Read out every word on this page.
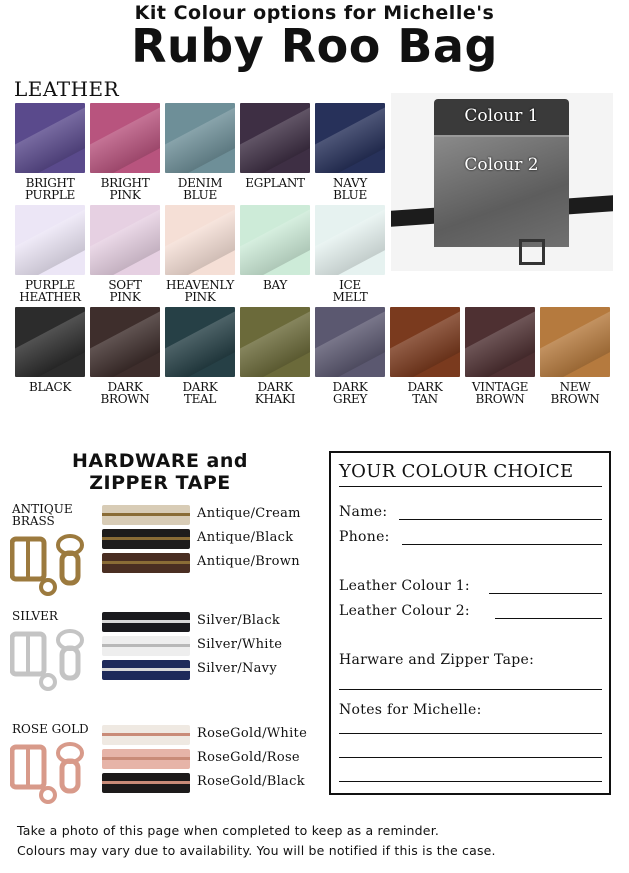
Kit Colour options for Michelle's
Ruby Roo Bag
LEATHER
BRIGHT
PURPLE
BRIGHT
PINK
DENIM
BLUE
EGPLANT	NAVY
BLUE
PURPLE
HEATHER
SOFT
PINK
HEAVENLY
PINK
BAY	ICE
MELT
BLACK	DARK
BROWN
DARK
TEAL
DARK
KHAKI
DARK
GREY
DARK
TAN
VINTAGE
BROWN
NEW
BROWN
Colour 1
Colour 2
HARDWARE and
ZIPPER TAPE
ANTIQUE
BRASS	Antique/Cream
Antique/Black
Antique/Brown
SILVER	Silver/Black
Silver/White
Silver/Navy
ROSE GOLD	RoseGold/White
RoseGold/Rose
RoseGold/Black
YOUR COLOUR CHOICE
Name:
Phone:
Leather Colour 1:
Leather Colour 2:
Harware and Zipper Tape:
Notes for Michelle:
Take a photo of this page when completed to keep as a reminder.
Colours may vary due to availability. You will be notified if this is the case.
